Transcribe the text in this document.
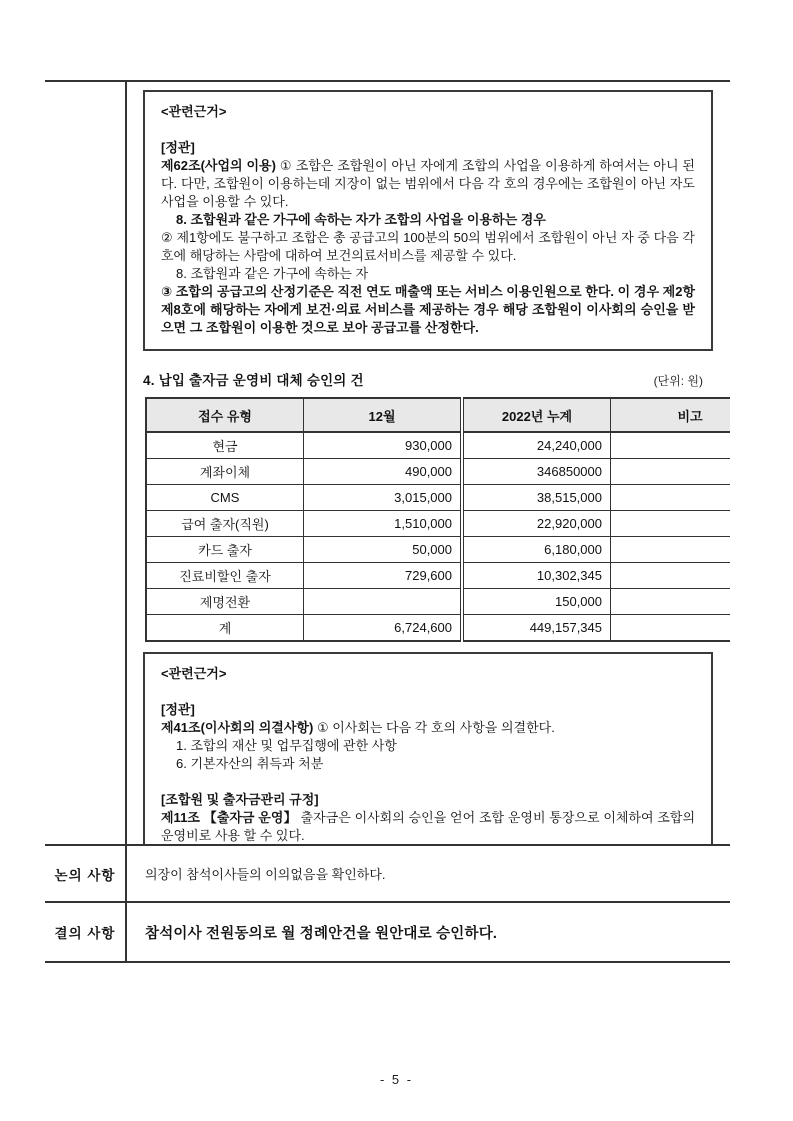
<관련근거>
[정관]
제62조(사업의 이용) ① 조합은 조합원이 아닌 자에게 조합의 사업을 이용하게 하여서는 아니 된다. 다만, 조합원이 이용하는데 지장이 없는 범위에서 다음 각 호의 경우에는 조합원이 아닌 자도 사업을 이용할 수 있다.
8. 조합원과 같은 가구에 속하는 자가 조합의 사업을 이용하는 경우
② 제1항에도 불구하고 조합은 총 공급고의 100분의 50의 범위에서 조합원이 아닌 자 중 다음 각 호에 해당하는 사람에 대하여 보건의료서비스를 제공할 수 있다.
8. 조합원과 같은 가구에 속하는 자
③ 조합의 공급고의 산정기준은 직전 연도 매출액 또는 서비스 이용인원으로 한다. 이 경우 제2항제8호에 해당하는 자에게 보건·의료 서비스를 제공하는 경우 해당 조합원이 이사회의 승인을 받으면 그 조합원이 이용한 것으로 보아 공급고를 산정한다.
4. 납입 출자금 운영비 대체 승인의 건	(단위: 원)
접수 유형	12월	2022년 누계	비고
현금	930,000	24,240,000	
계좌이체	490,000	346850000	
CMS	3,015,000	38,515,000	
급여 출자(직원)	1,510,000	22,920,000	
카드 출자	50,000	6,180,000	
진료비할인 출자	729,600	10,302,345	
제명전환		150,000	
계	6,724,600	449,157,345	
<관련근거>
[정관]
제41조(이사회의 의결사항) ① 이사회는 다음 각 호의 사항을 의결한다.
1. 조합의 재산 및 업무집행에 관한 사항
6. 기본자산의 취득과 처분
[조합원 및 출자금관리 규정]
제11조 【출자금 운영】 출자금은 이사회의 승인을 얻어 조합 운영비 통장으로 이체하여 조합의 운영비로 사용 할 수 있다.
논의 사항	의장이 참석이사들의 이의없음을 확인하다.
결의 사항	참석이사 전원동의로 월 정례안건을 원안대로 승인하다.
- 5 -
